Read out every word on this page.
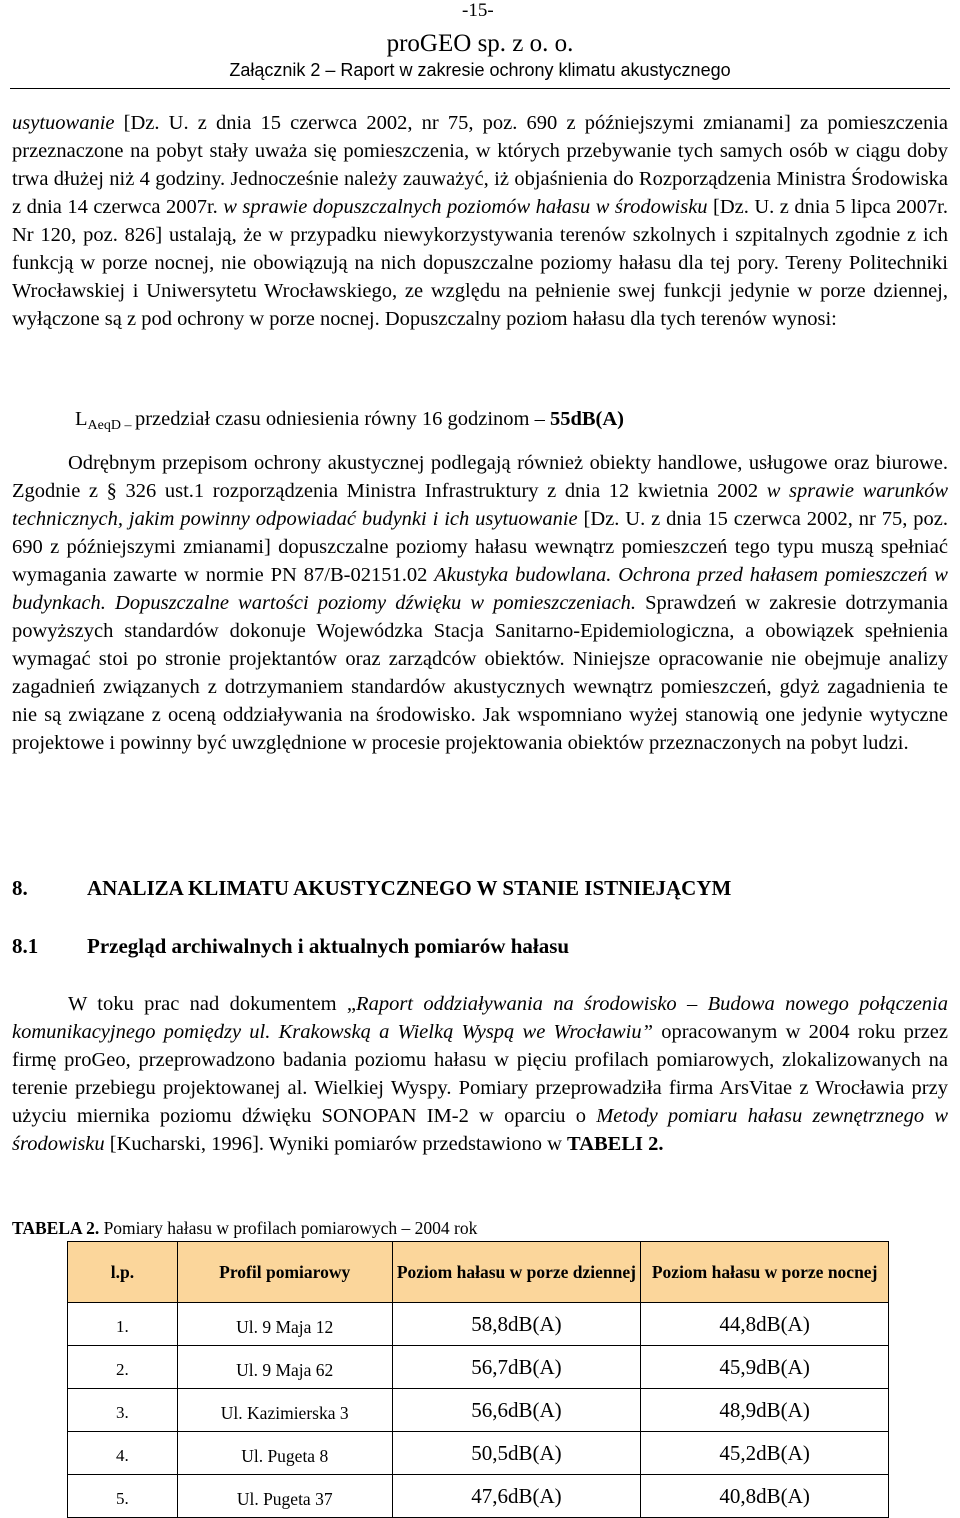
-15-
proGEO sp. z o. o.
Załącznik 2 – Raport w zakresie ochrony klimatu akustycznego
usytuowanie [Dz. U. z dnia 15 czerwca 2002, nr 75, poz. 690 z późniejszymi zmianami] za pomieszczenia przeznaczone na pobyt stały uważa się pomieszczenia, w których przebywanie tych samych osób w ciągu doby trwa dłużej niż 4 godziny. Jednocześnie należy zauważyć, iż objaśnienia do Rozporządzenia Ministra Środowiska z dnia 14 czerwca 2007r. w sprawie dopuszczalnych poziomów hałasu w środowisku [Dz. U. z dnia 5 lipca 2007r. Nr 120, poz. 826] ustalają, że w przypadku niewykorzystywania terenów szkolnych i szpitalnych zgodnie z ich funkcją w porze nocnej, nie obowiązują na nich dopuszczalne poziomy hałasu dla tej pory. Tereny Politechniki Wrocławskiej i Uniwersytetu Wrocławskiego, ze względu na pełnienie swej funkcji jedynie w porze dziennej, wyłączone są z pod ochrony w porze nocnej. Dopuszczalny poziom hałasu dla tych terenów wynosi:
$L_{AeqD -}$ przedział czasu odniesienia równy 16 godzinom – 55dB(A)
Odrębnym przepisom ochrony akustycznej podlegają również obiekty handlowe, usługowe oraz biurowe. Zgodnie z § 326 ust.1 rozporządzenia Ministra Infrastruktury z dnia 12 kwietnia 2002 w sprawie warunków technicznych, jakim powinny odpowiadać budynki i ich usytuowanie [Dz. U. z dnia 15 czerwca 2002, nr 75, poz. 690 z późniejszymi zmianami] dopuszczalne poziomy hałasu wewnątrz pomieszczeń tego typu muszą spełniać wymagania zawarte w normie PN 87/B-02151.02 Akustyka budowlana. Ochrona przed hałasem pomieszczeń w budynkach. Dopuszczalne wartości poziomy dźwięku w pomieszczeniach. Sprawdzeń w zakresie dotrzymania powyższych standardów dokonuje Wojewódzka Stacja Sanitarno-Epidemiologiczna, a obowiązek spełnienia wymagać stoi po stronie projektantów oraz zarządców obiektów. Niniejsze opracowanie nie obejmuje analizy zagadnień związanych z dotrzymaniem standardów akustycznych wewnątrz pomieszczeń, gdyż zagadnienia te nie są związane z oceną oddziaływania na środowisko. Jak wspomniano wyżej stanowią one jedynie wytyczne projektowe i powinny być uwzględnione w procesie projektowania obiektów przeznaczonych na pobyt ludzi.
8.	ANALIZA KLIMATU AKUSTYCZNEGO W STANIE ISTNIEJĄCYM
8.1 Przegląd archiwalnych i aktualnych pomiarów hałasu
W toku prac nad dokumentem „Raport oddziaływania na środowisko – Budowa nowego połączenia komunikacyjnego pomiędzy ul. Krakowską a Wielką Wyspą we Wrocławiu” opracowanym w 2004 roku przez firmę proGeo, przeprowadzono badania poziomu hałasu w pięciu profilach pomiarowych, zlokalizowanych na terenie przebiegu projektowanej al. Wielkiej Wyspy. Pomiary przeprowadziła firma ArsVitae z Wrocławia przy użyciu miernika poziomu dźwięku SONOPAN IM-2 w oparciu o Metody pomiaru hałasu zewnętrznego w środowisku [Kucharski, 1996]. Wyniki pomiarów przedstawiono w TABELI 2.
TABELA 2. Pomiary hałasu w profilach pomiarowych – 2004 rok
l.p.	Profil pomiarowy	Poziom hałasu w porze dziennej	Poziom hałasu w porze nocnej
1.	Ul. 9 Maja 12	58,8dB(A)	44,8dB(A)
2.	Ul. 9 Maja 62	56,7dB(A)	45,9dB(A)
3.	Ul. Kazimierska 3	56,6dB(A)	48,9dB(A)
4.	Ul. Pugeta 8	50,5dB(A)	45,2dB(A)
5.	Ul. Pugeta 37	47,6dB(A)	40,8dB(A)
